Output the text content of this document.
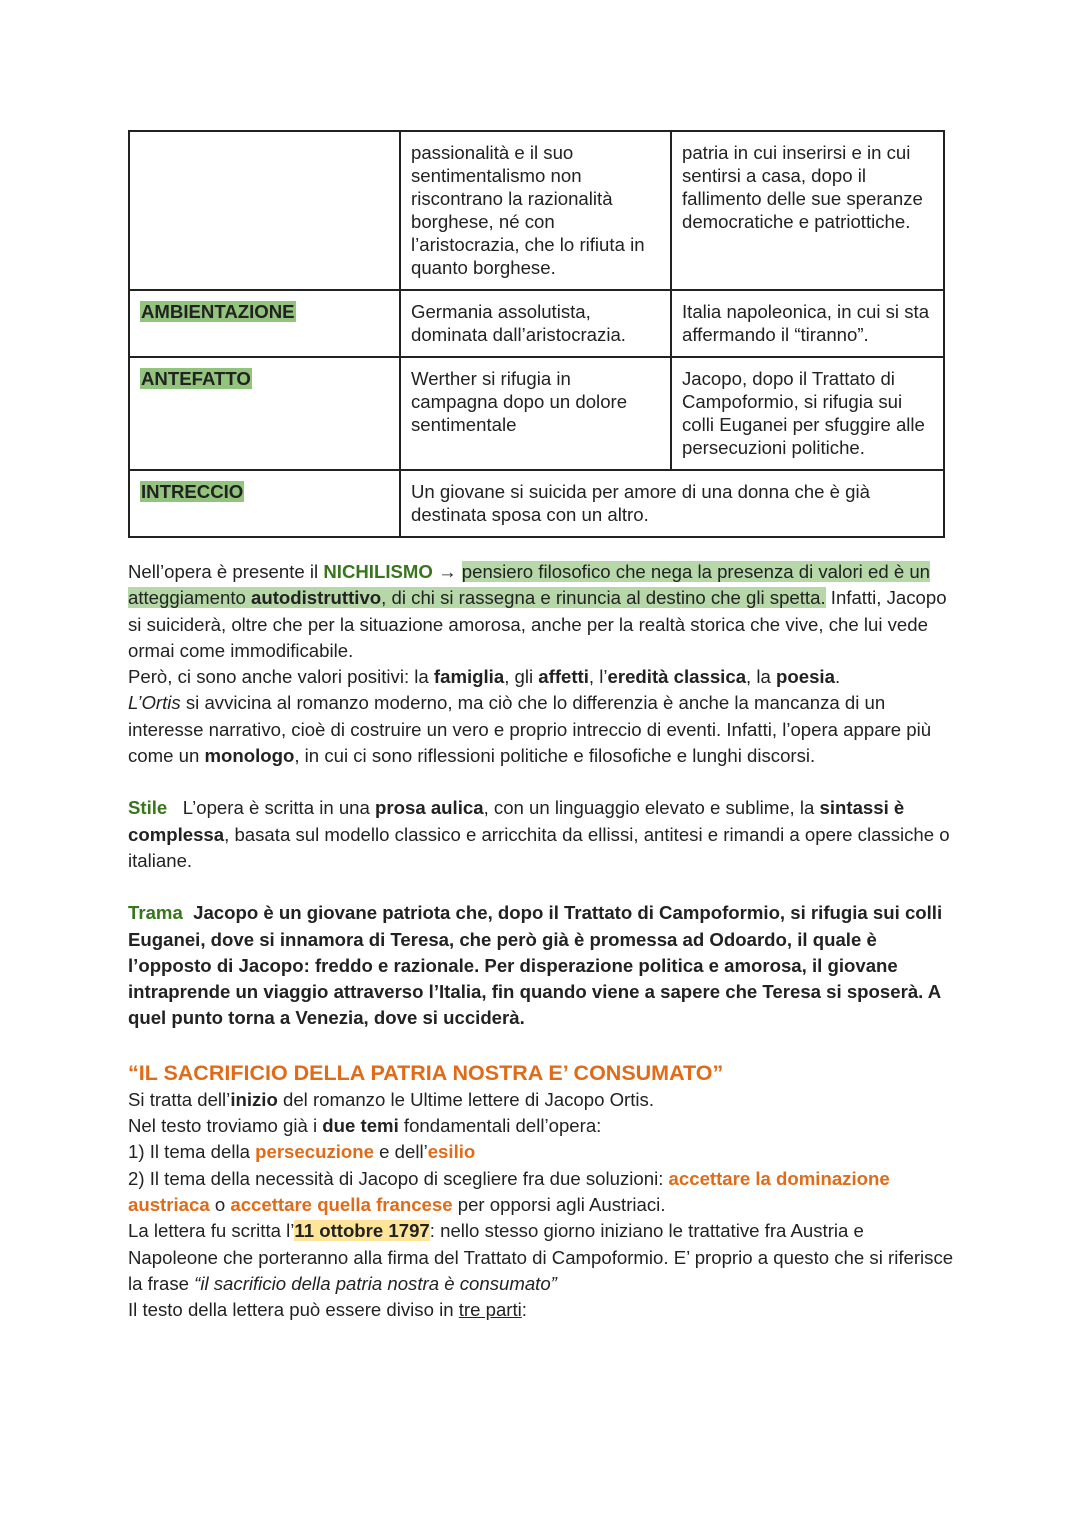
	passionalità e il suo sentimentalismo non riscontrano la razionalità borghese, né con l’aristocrazia, che lo rifiuta in quanto borghese.	patria in cui inserirsi e in cui sentirsi a casa, dopo il fallimento delle sue speranze democratiche e patriottiche.
AMBIENTAZIONE	Germania assolutista, dominata dall’aristocrazia.	Italia napoleonica, in cui si sta affermando il “tiranno”.
ANTEFATTO	Werther si rifugia in campagna dopo un dolore sentimentale	Jacopo, dopo il Trattato di Campoformio, si rifugia sui colli Euganei per sfuggire alle persecuzioni politiche.
INTRECCIO	Un giovane si suicida per amore di una donna che è già destinata sposa con un altro.	

Nell’opera è presente il NICHILISMO → pensiero filosofico che nega la presenza di valori ed è un atteggiamento autodistruttivo, di chi si rassegna e rinuncia al destino che gli spetta. Infatti, Jacopo si suiciderà, oltre che per la situazione amorosa, anche per la realtà storica che vive, che lui vede ormai come immodificabile.

Però, ci sono anche valori positivi: la famiglia, gli affetti, l’eredità classica, la poesia.

L’Ortis si avvicina al romanzo moderno, ma ciò che lo differenzia è anche la mancanza di un interesse narrativo, cioè di costruire un vero e proprio intreccio di eventi. Infatti, l’opera appare più come un monologo, in cui ci sono riflessioni politiche e filosofiche e lunghi discorsi.

Stile   L’opera è scritta in una prosa aulica, con un linguaggio elevato e sublime, la sintassi è complessa, basata sul modello classico e arricchita da ellissi, antitesi e rimandi a opere classiche o italiane.

Trama  Jacopo è un giovane patriota che, dopo il Trattato di Campoformio, si rifugia sui colli Euganei, dove si innamora di Teresa, che però già è promessa ad Odoardo, il quale è l’opposto di Jacopo: freddo e razionale. Per disperazione politica e amorosa, il giovane intraprende un viaggio attraverso l’Italia, fin quando viene a sapere che Teresa si sposerà. A quel punto torna a Venezia, dove si ucciderà.

“IL SACRIFICIO DELLA PATRIA NOSTRA E’ CONSUMATO”

Si tratta dell’inizio del romanzo le Ultime lettere di Jacopo Ortis.

Nel testo troviamo già i due temi fondamentali dell’opera:

1) Il tema della persecuzione e dell’esilio

2) Il tema della necessità di Jacopo di scegliere fra due soluzioni: accettare la dominazione austriaca o accettare quella francese per opporsi agli Austriaci.

La lettera fu scritta l’11 ottobre 1797: nello stesso giorno iniziano le trattative fra Austria e Napoleone che porteranno alla firma del Trattato di Campoformio. E’ proprio a questo che si riferisce la frase “il sacrificio della patria nostra è consumato”

Il testo della lettera può essere diviso in tre parti:
